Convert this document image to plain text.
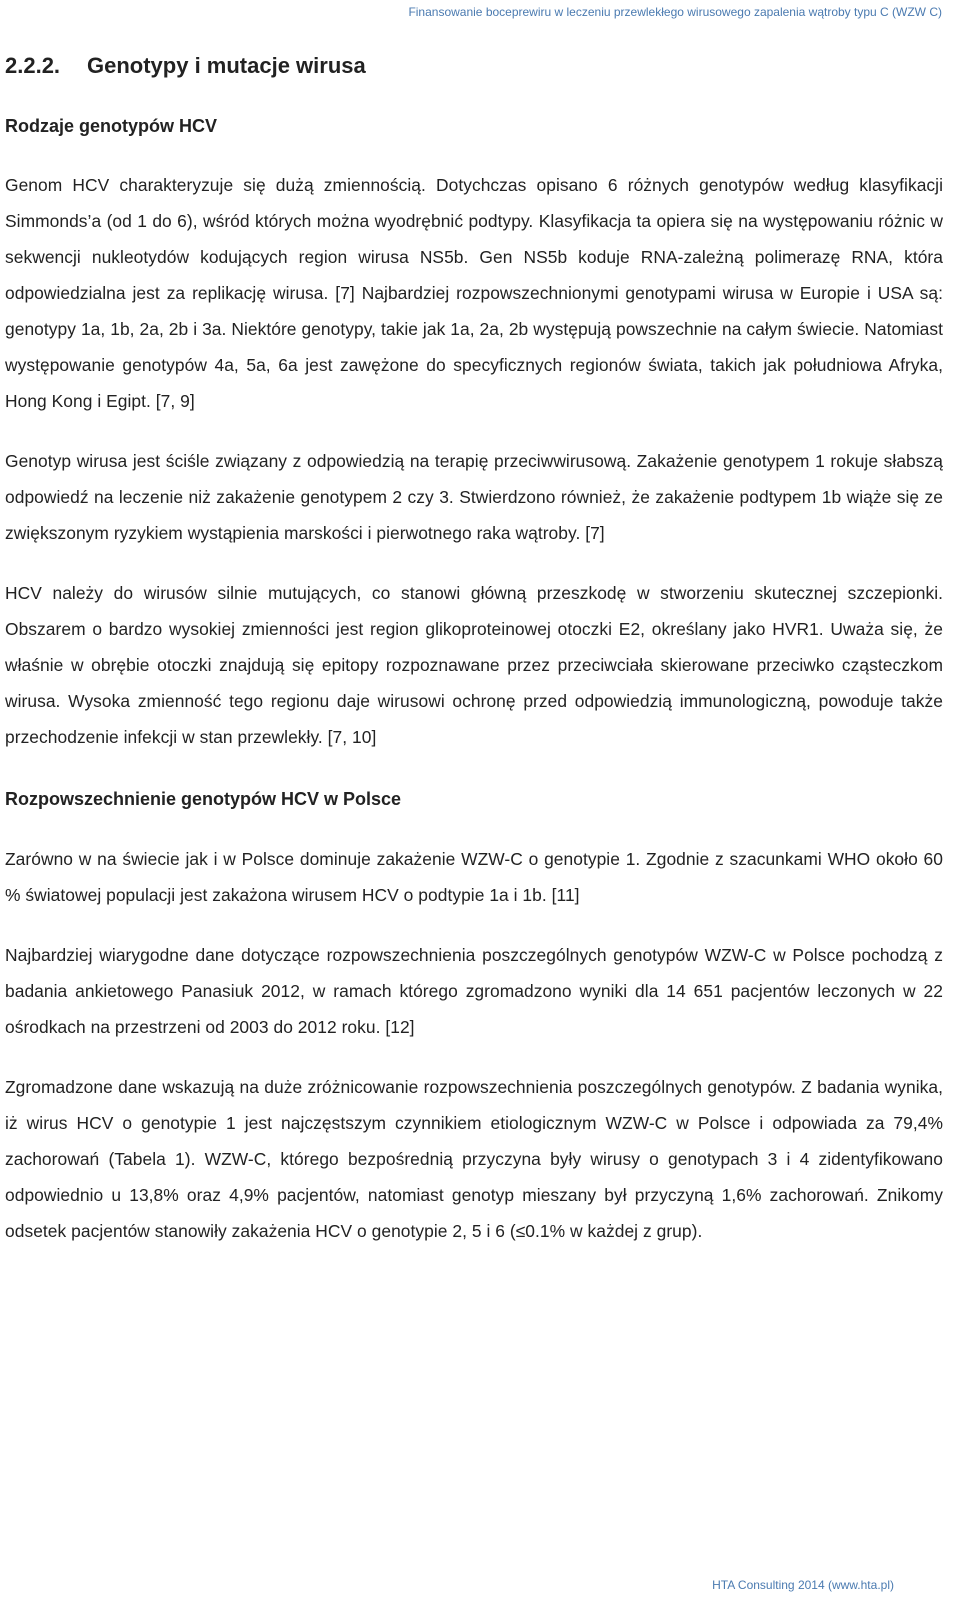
Finansowanie boceprewiru w leczeniu przewlekłego wirusowego zapalenia wątroby typu C (WZW C)
2.2.2. Genotypy i mutacje wirusa
Rodzaje genotypów HCV

Genom HCV charakteryzuje się dużą zmiennością. Dotychczas opisano 6 różnych genotypów według klasyfikacji Simmonds’a (od 1 do 6), wśród których można wyodrębnić podtypy. Klasyfikacja ta opiera się na występowaniu różnic w sekwencji nukleotydów kodujących region wirusa NS5b. Gen NS5b koduje RNA-zależną polimerazę RNA, która odpowiedzialna jest za replikację wirusa. [7] Najbardziej rozpowszechnionymi genotypami wirusa w Europie i USA są: genotypy 1a, 1b, 2a, 2b i 3a. Niektóre genotypy, takie jak 1a, 2a, 2b występują powszechnie na całym świecie. Natomiast występowanie genotypów 4a, 5a, 6a jest zawężone do specyficznych regionów świata, takich jak południowa Afryka, Hong Kong i Egipt. [7, 9]

Genotyp wirusa jest ściśle związany z odpowiedzią na terapię przeciwwirusową. Zakażenie genotypem 1 rokuje słabszą odpowiedź na leczenie niż zakażenie genotypem 2 czy 3. Stwierdzono również, że zakażenie podtypem 1b wiąże się ze zwiększonym ryzykiem wystąpienia marskości i pierwotnego raka wątroby. [7]

HCV należy do wirusów silnie mutujących, co stanowi główną przeszkodę w stworzeniu skutecznej szczepionki. Obszarem o bardzo wysokiej zmienności jest region glikoproteinowej otoczki E2, określany jako HVR1. Uważa się, że właśnie w obrębie otoczki znajdują się epitopy rozpoznawane przez przeciwciała skierowane przeciwko cząsteczkom wirusa. Wysoka zmienność tego regionu daje wirusowi ochronę przed odpowiedzią immunologiczną, powoduje także przechodzenie infekcji w stan przewlekły. [7, 10]

Rozpowszechnienie genotypów HCV w Polsce

Zarówno w na świecie jak i w Polsce dominuje zakażenie WZW-C o genotypie 1. Zgodnie z szacunkami WHO około 60 % światowej populacji jest zakażona wirusem HCV o podtypie 1a i 1b. [11]

Najbardziej wiarygodne dane dotyczące rozpowszechnienia poszczególnych genotypów WZW-C w Polsce pochodzą z badania ankietowego Panasiuk 2012, w ramach którego zgromadzono wyniki dla 14 651 pacjentów leczonych w 22 ośrodkach na przestrzeni od 2003 do 2012 roku. [12]

Zgromadzone dane wskazują na duże zróżnicowanie rozpowszechnienia poszczególnych genotypów. Z badania wynika, iż wirus HCV o genotypie 1 jest najczęstszym czynnikiem etiologicznym WZW-C w Polsce i odpowiada za 79,4% zachorowań (Tabela 1). WZW-C, którego bezpośrednią przyczyna były wirusy o genotypach 3 i 4 zidentyfikowano odpowiednio u 13,8% oraz 4,9% pacjentów, natomiast genotyp mieszany był przyczyną 1,6% zachorowań. Znikomy odsetek pacjentów stanowiły zakażenia HCV o genotypie 2, 5 i 6 (≤0.1% w każdej z grup).

HTA Consulting 2014 (www.hta.pl)
